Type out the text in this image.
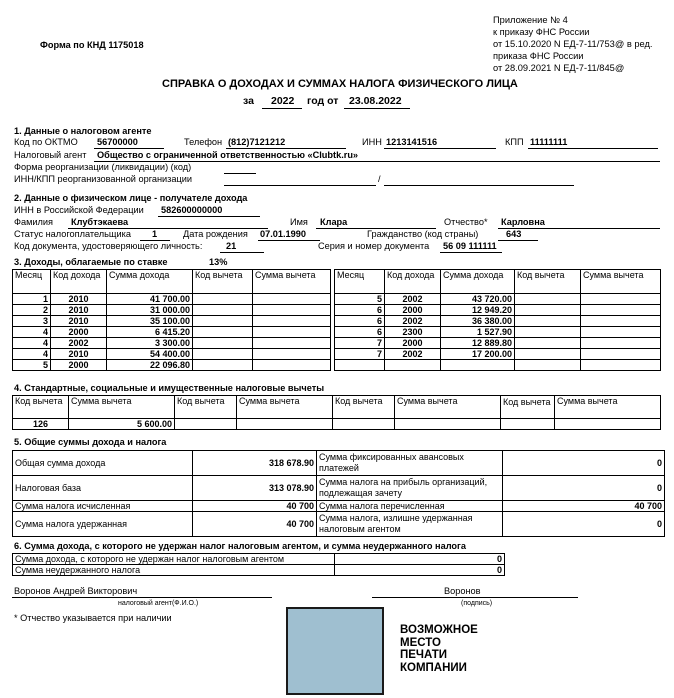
Форма по КНД 1175018
Приложение № 4
к приказу ФНС России
от 15.10.2020 N ЕД-7-11/753@ в ред.
приказа ФНС России
от 28.09.2021 N ЕД-7-11/845@
СПРАВКА О ДОХОДАХ И СУММАХ НАЛОГА ФИЗИЧЕСКОГО ЛИЦА
за 2022 год от 23.08.2022
1. Данные о налоговом агенте
Код по ОКТМО 56700000	Телефон (812)7121212	ИНН 1213141516	КПП 11111111
Налоговый агент Общество с ограниченной ответственностью «Clubtk.ru»
Форма реорганизации (ликвидации) (код)
ИНН/КПП реорганизованной организации	/
2. Данные о физическом лице - получателе дохода
ИНН в Российской Федерации 582600000000
Фамилия Клубтэкаева	Имя Клара	Отчество* Карловна
Статус налогоплательщика 1	Дата рождения 07.01.1990	Гражданство (код страны)	643
Код документа, удостоверяющего личность:	21	Серия и номер документа 56 09 111111
3. Доходы, облагаемые по ставке	13%
Месяц	Код дохода	Сумма дохода	Код вычета	Сумма вычета
1	2010	41 700.00		
2	2010	31 000.00		
3	2010	35 100.00		
4	2000	6 415.20		
4	2002	3 300.00		
4	2010	54 400.00		
5	2000	22 096.80		
Месяц	Код дохода	Сумма дохода	Код вычета	Сумма вычета
5	2002	43 720.00		
6	2000	12 949.20		
6	2002	36 380.00		
6	2300	1 527.90		
7	2000	12 889.80		
7	2002	17 200.00		

4. Стандартные, социальные и имущественные налоговые вычеты
Код вычета	Сумма вычета	Код вычета	Сумма вычета	Код вычета	Сумма вычета	Код вычета	Сумма вычета
126	5 600.00						
5. Общие суммы дохода и налога
Общая сумма дохода	318 678.90	Сумма фиксированных авансовых платежей	0
Налоговая база	313 078.90	Сумма налога на прибыль организаций, подлежащая зачету	0
Сумма налога исчисленная	40 700	Сумма налога перечисленная	40 700
Сумма налога удержанная	40 700	Сумма налога, излишне удержанная налоговым агентом	0
6. Сумма дохода, с которого не удержан налог налоговым агентом, и сумма неудержанного налога
Сумма дохода, с которого не удержан налог налоговым агентом	0
Сумма неудержанного налога	0
Воронов Андрей Викторович
налоговый агент(Ф.И.О.)
Воронов
(подпись)
* Отчество указывается при наличии
ВОЗМОЖНОЕ
МЕСТО
ПЕЧАТИ
КОМПАНИИ
